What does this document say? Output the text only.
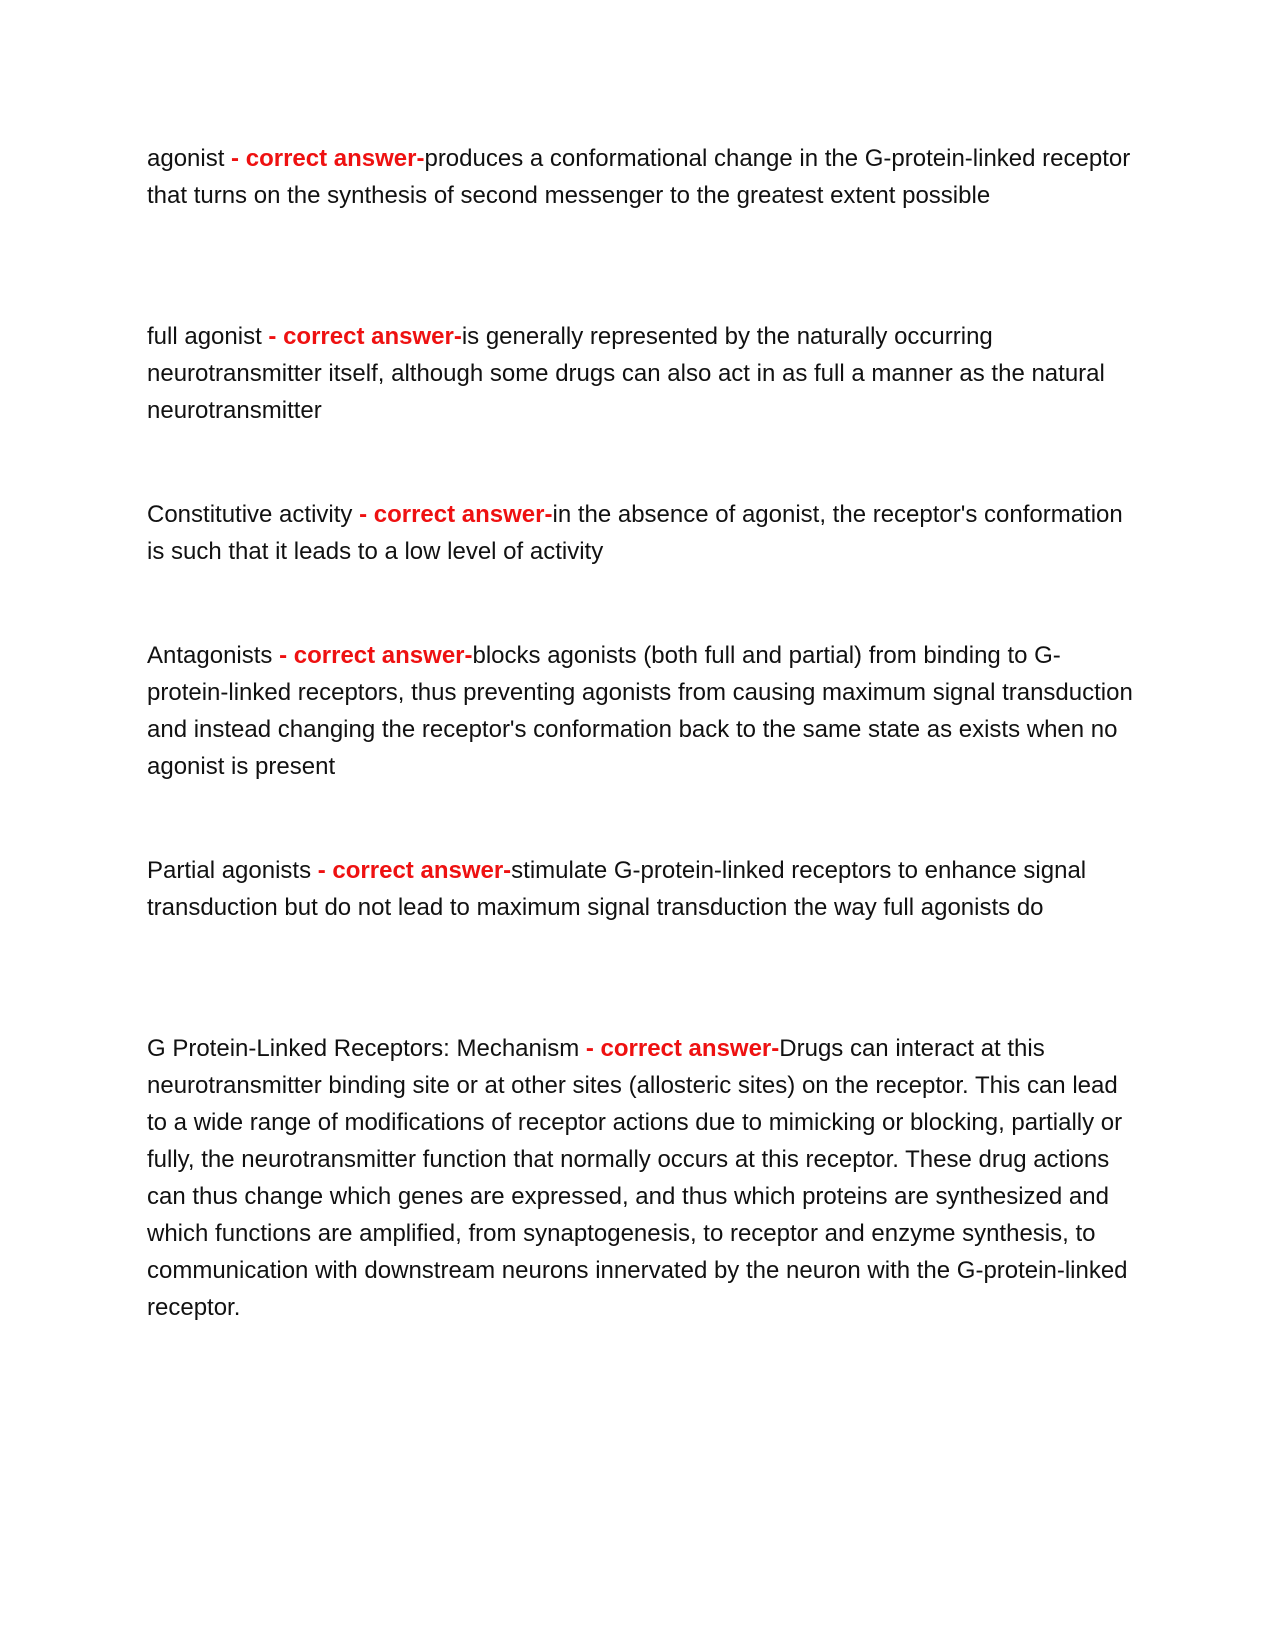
agonist - correct answer-produces a conformational change in the G-protein-linked receptor that turns on the synthesis of second messenger to the greatest extent possible

full agonist - correct answer-is generally represented by the naturally occurring neurotransmitter itself, although some drugs can also act in as full a manner as the natural neurotransmitter

Constitutive activity - correct answer-in the absence of agonist, the receptor's conformation is such that it leads to a low level of activity

Antagonists - correct answer-blocks agonists (both full and partial) from binding to G-protein-linked receptors, thus preventing agonists from causing maximum signal transduction and instead changing the receptor's conformation back to the same state as exists when no agonist is present

Partial agonists - correct answer-stimulate G-protein-linked receptors to enhance signal transduction but do not lead to maximum signal transduction the way full agonists do

G Protein-Linked Receptors: Mechanism - correct answer-Drugs can interact at this neurotransmitter binding site or at other sites (allosteric sites) on the receptor. This can lead to a wide range of modifications of receptor actions due to mimicking or blocking, partially or fully, the neurotransmitter function that normally occurs at this receptor. These drug actions can thus change which genes are expressed, and thus which proteins are synthesized and which functions are amplified, from synaptogenesis, to receptor and enzyme synthesis, to communication with downstream neurons innervated by the neuron with the G-protein-linked receptor.
